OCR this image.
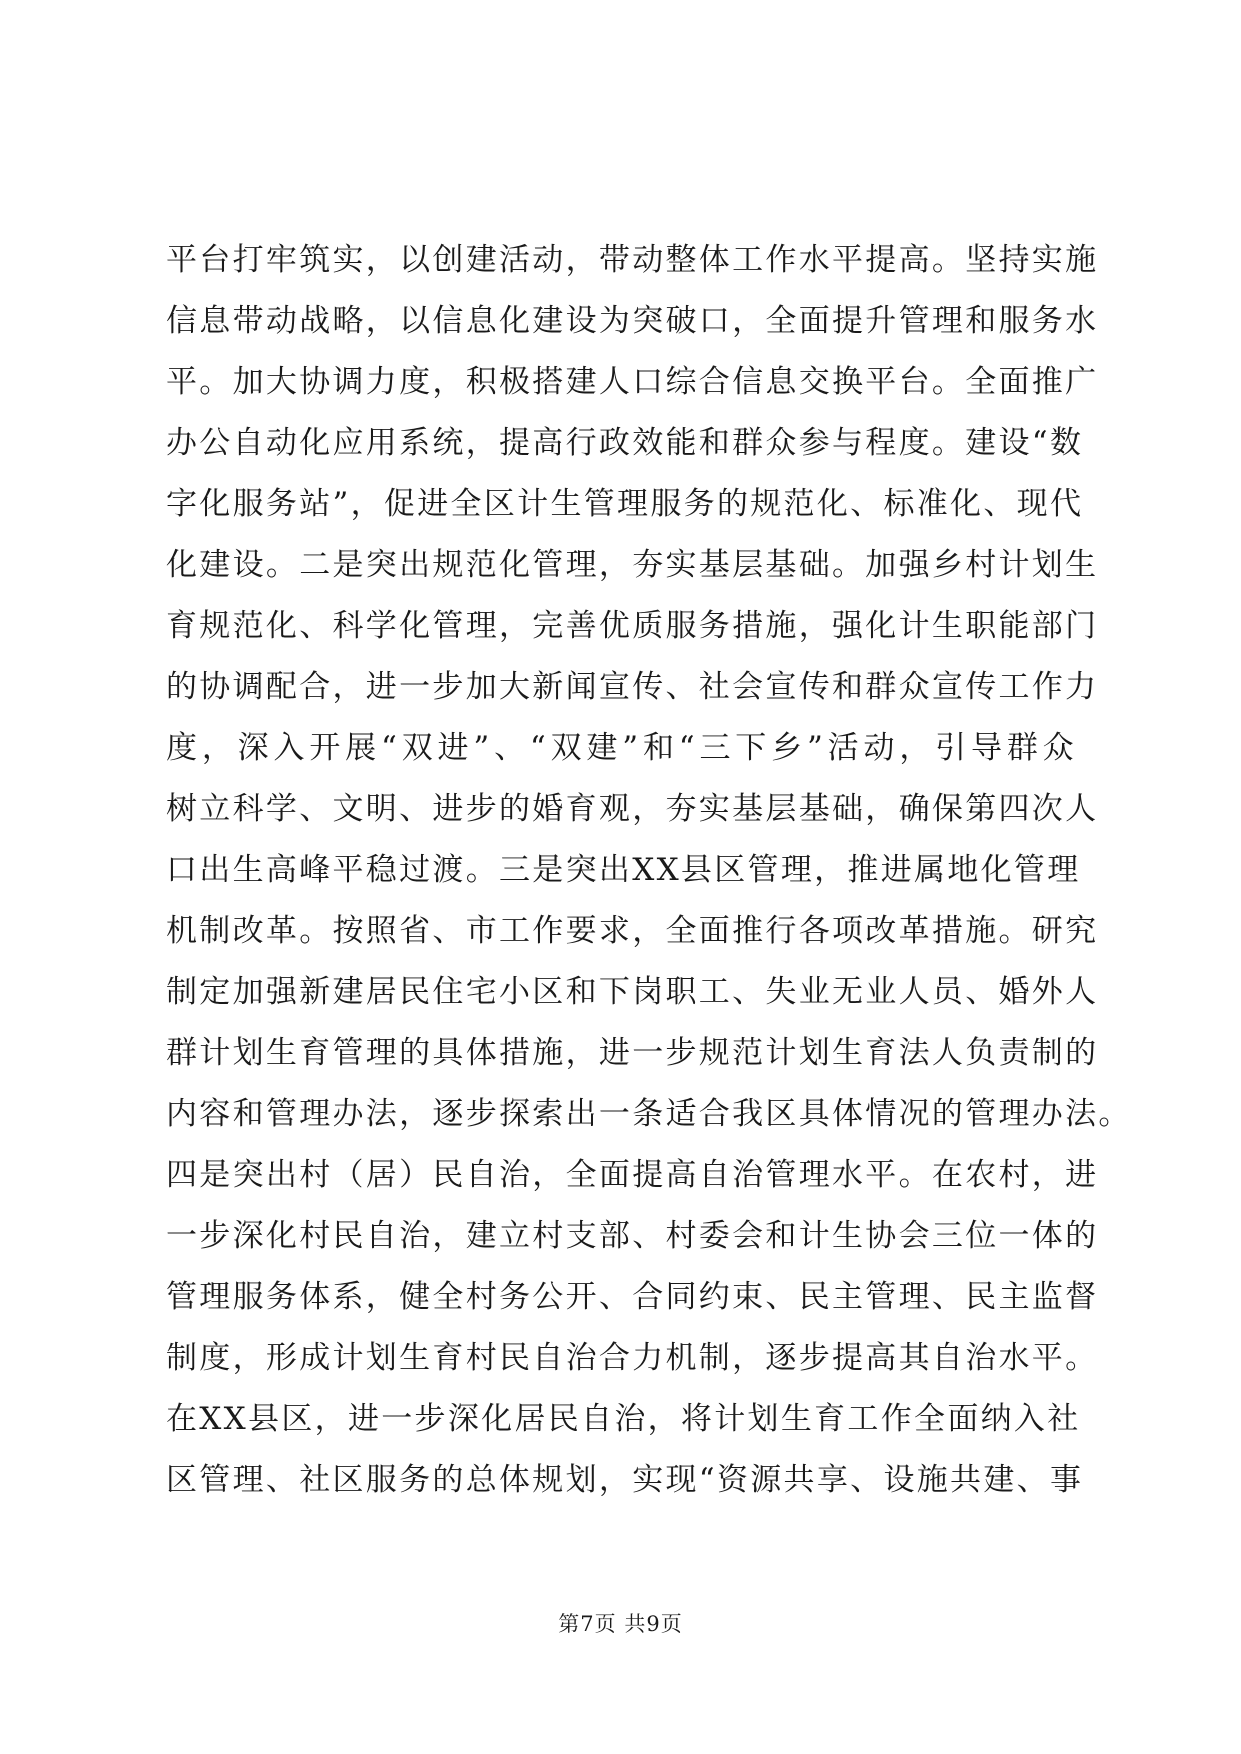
平台打牢筑实，以创建活动，带动整体工作水平提高。坚持实施
信息带动战略，以信息化建设为突破口，全面提升管理和服务水
平。加大协调力度，积极搭建人口综合信息交换平台。全面推广
办公自动化应用系统，提高行政效能和群众参与程度。建设“数
字化服务站”，促进全区计生管理服务的规范化、标准化、现代
化建设。二是突出规范化管理，夯实基层基础。加强乡村计划生
育规范化、科学化管理，完善优质服务措施，强化计生职能部门
的协调配合，进一步加大新闻宣传、社会宣传和群众宣传工作力
度，深入开展“双进”、“双建”和“三下乡”活动，引导群众
树立科学、文明、进步的婚育观，夯实基层基础，确保第四次人
口出生高峰平稳过渡。三是突出XX县区管理，推进属地化管理
机制改革。按照省、市工作要求，全面推行各项改革措施。研究
制定加强新建居民住宅小区和下岗职工、失业无业人员、婚外人
群计划生育管理的具体措施，进一步规范计划生育法人负责制的
内容和管理办法，逐步探索出一条适合我区具体情况的管理办法。
四是突出村（居）民自治，全面提高自治管理水平。在农村，进
一步深化村民自治，建立村支部、村委会和计生协会三位一体的
管理服务体系，健全村务公开、合同约束、民主管理、民主监督
制度，形成计划生育村民自治合力机制，逐步提高其自治水平。
在XX县区，进一步深化居民自治，将计划生育工作全面纳入社
区管理、社区服务的总体规划，实现“资源共享、设施共建、事
第7页 共9页
